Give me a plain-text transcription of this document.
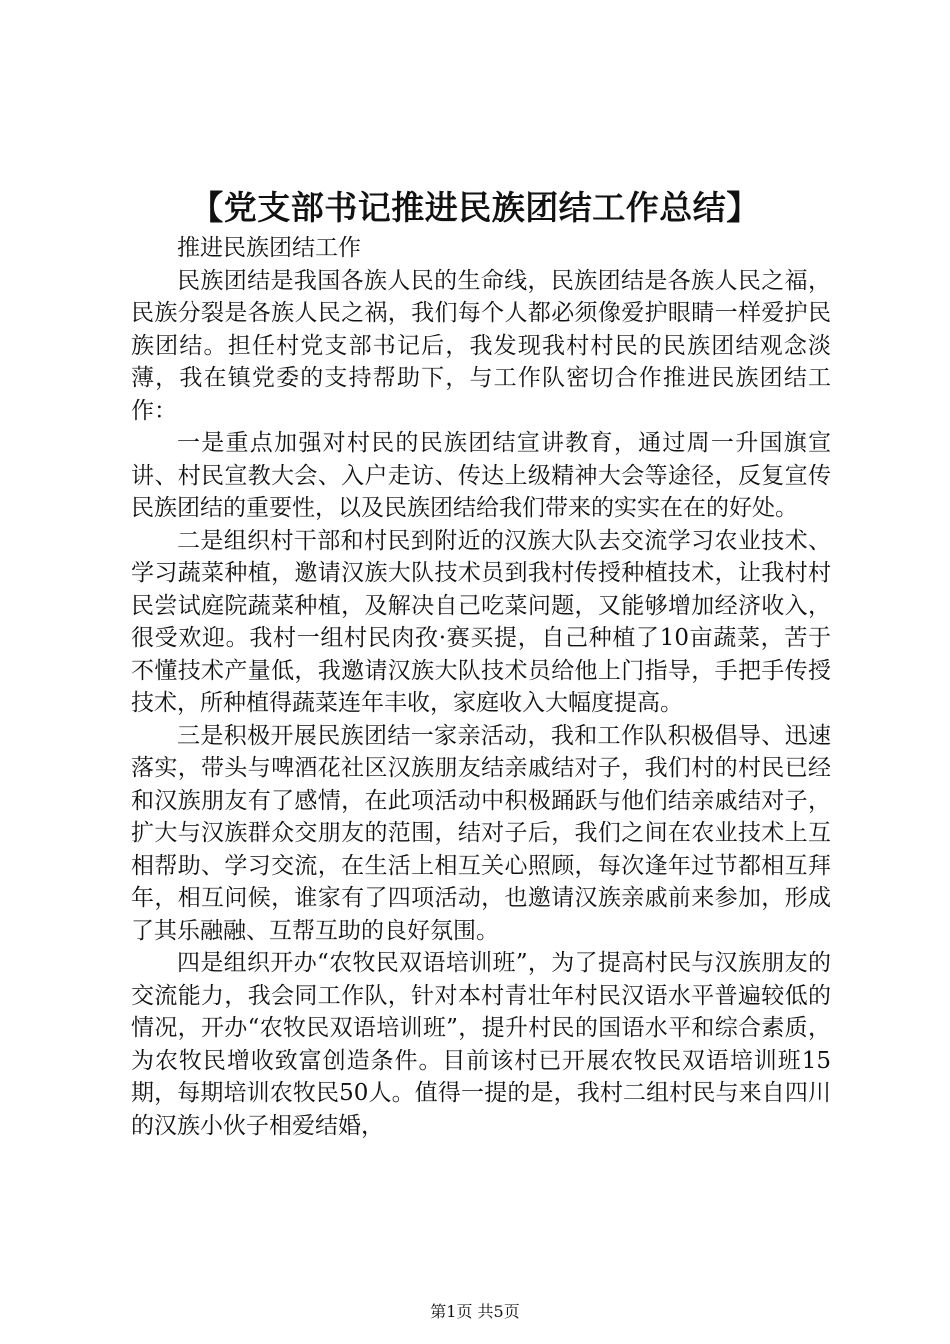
【党支部书记推进民族团结工作总结】

推进民族团结工作

民族团结是我国各族人民的生命线，民族团结是各族人民之福，民族分裂是各族人民之祸，我们每个人都必须像爱护眼睛一样爱护民族团结。担任村党支部书记后，我发现我村村民的民族团结观念淡薄，我在镇党委的支持帮助下，与工作队密切合作推进民族团结工作：

一是重点加强对村民的民族团结宣讲教育，通过周一升国旗宣讲、村民宣教大会、入户走访、传达上级精神大会等途径，反复宣传民族团结的重要性，以及民族团结给我们带来的实实在在的好处。

二是组织村干部和村民到附近的汉族大队去交流学习农业技术、学习蔬菜种植，邀请汉族大队技术员到我村传授种植技术，让我村村民尝试庭院蔬菜种植，及解决自己吃菜问题，又能够增加经济收入，很受欢迎。我村一组村民肉孜·赛买提，自己种植了10亩蔬菜，苦于不懂技术产量低，我邀请汉族大队技术员给他上门指导，手把手传授技术，所种植得蔬菜连年丰收，家庭收入大幅度提高。

三是积极开展民族团结一家亲活动，我和工作队积极倡导、迅速落实，带头与啤酒花社区汉族朋友结亲戚结对子，我们村的村民已经和汉族朋友有了感情，在此项活动中积极踊跃与他们结亲戚结对子，扩大与汉族群众交朋友的范围，结对子后，我们之间在农业技术上互相帮助、学习交流，在生活上相互关心照顾，每次逢年过节都相互拜年，相互问候，谁家有了四项活动，也邀请汉族亲戚前来参加，形成了其乐融融、互帮互助的良好氛围。

四是组织开办“农牧民双语培训班”，为了提高村民与汉族朋友的交流能力，我会同工作队，针对本村青壮年村民汉语水平普遍较低的情况，开办“农牧民双语培训班”，提升村民的国语水平和综合素质，为农牧民增收致富创造条件。目前该村已开展农牧民双语培训班15期，每期培训农牧民50人。值得一提的是，我村二组村民与来自四川的汉族小伙子相爱结婚，

第1页 共5页
